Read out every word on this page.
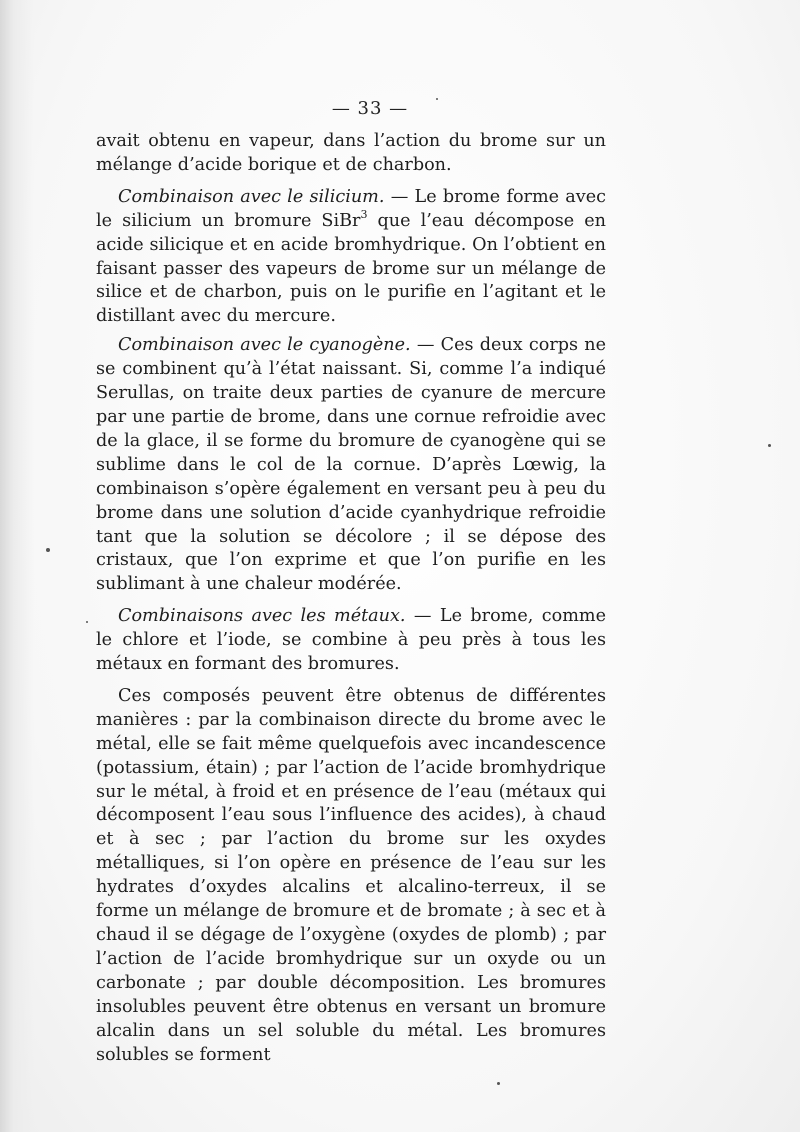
— 33 —

avait obtenu en vapeur, dans l’action du brome sur un mélange d’acide borique et de charbon.

Combinaison avec le silicium. — Le brome forme avec le silicium un bromure SiBr$^3$ que l’eau décompose en acide silicique et en acide bromhydrique. On l’obtient en faisant passer des vapeurs de brome sur un mélange de silice et de charbon, puis on le purifie en l’agitant et le distillant avec du mercure.

Combinaison avec le cyanogène. — Ces deux corps ne se combinent qu’à l’état naissant. Si, comme l’a indiqué Serullas, on traite deux parties de cyanure de mercure par une partie de brome, dans une cornue refroidie avec de la glace, il se forme du bromure de cyanogène qui se sublime dans le col de la cornue. D’après Lœwig, la combinaison s’opère également en versant peu à peu du brome dans une solution d’acide cyanhydrique refroidie tant que la solution se décolore ; il se dépose des cristaux, que l’on exprime et que l’on purifie en les sublimant à une chaleur modérée.

Combinaisons avec les métaux. — Le brome, comme le chlore et l’iode, se combine à peu près à tous les métaux en formant des bromures.

Ces composés peuvent être obtenus de différentes manières : par la combinaison directe du brome avec le métal, elle se fait même quelquefois avec incandescence (potassium, étain) ; par l’action de l’acide bromhydrique sur le métal, à froid et en présence de l’eau (métaux qui décomposent l’eau sous l’influence des acides), à chaud et à sec ; par l’action du brome sur les oxydes métalliques, si l’on opère en présence de l’eau sur les hydrates d’oxydes alcalins et alcalino-terreux, il se forme un mélange de bromure et de bromate ; à sec et à chaud il se dégage de l’oxygène (oxydes de plomb) ; par l’action de l’acide bromhydrique sur un oxyde ou un carbonate ; par double décomposition. Les bromures insolubles peuvent être obtenus en versant un bromure alcalin dans un sel soluble du métal. Les bromures solubles se forment
